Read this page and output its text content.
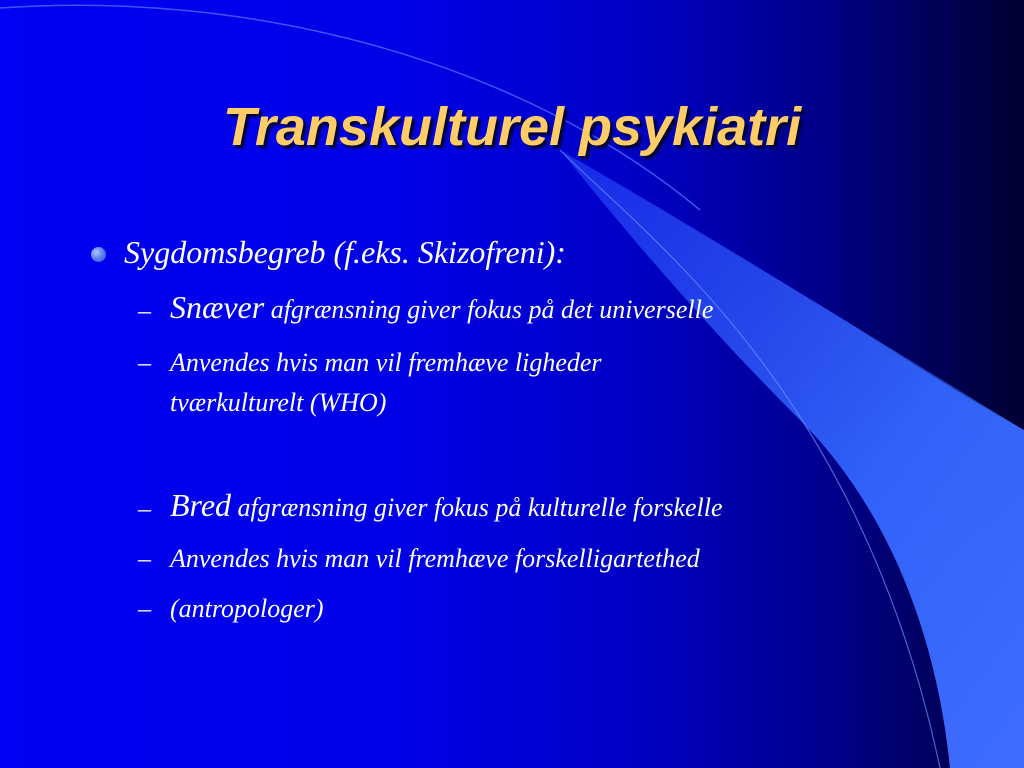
Transkulturel psykiatri
Sygdomsbegreb (f.eks. Skizofreni):
– Snæver afgrænsning giver fokus på det universelle
– Anvendes hvis man vil fremhæve ligheder
tværkulturelt (WHO)
– Bred afgrænsning giver fokus på kulturelle forskelle
– Anvendes hvis man vil fremhæve forskelligartethed
– (antropologer)
